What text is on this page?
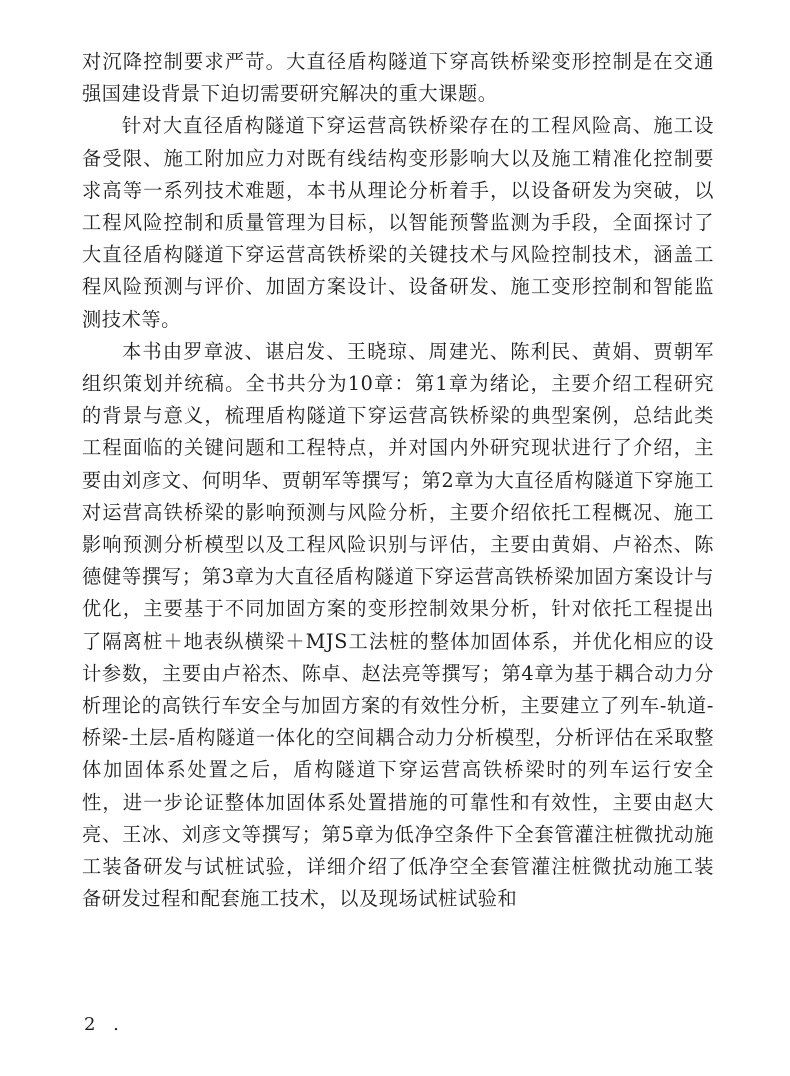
对沉降控制要求严苛。大直径盾构隧道下穿高铁桥梁变形控制是在交通强国建设背景下迫切需要研究解决的重大课题。

针对大直径盾构隧道下穿运营高铁桥梁存在的工程风险高、施工设备受限、施工附加应力对既有线结构变形影响大以及施工精准化控制要求高等一系列技术难题，本书从理论分析着手，以设备研发为突破，以工程风险控制和质量管理为目标，以智能预警监测为手段，全面探讨了大直径盾构隧道下穿运营高铁桥梁的关键技术与风险控制技术，涵盖工程风险预测与评价、加固方案设计、设备研发、施工变形控制和智能监测技术等。

本书由罗章波、谌启发、王晓琼、周建光、陈利民、黄娟、贾朝军组织策划并统稿。全书共分为10章：第1章为绪论，主要介绍工程研究的背景与意义，梳理盾构隧道下穿运营高铁桥梁的典型案例，总结此类工程面临的关键问题和工程特点，并对国内外研究现状进行了介绍，主要由刘彦文、何明华、贾朝军等撰写；第2章为大直径盾构隧道下穿施工对运营高铁桥梁的影响预测与风险分析，主要介绍依托工程概况、施工影响预测分析模型以及工程风险识别与评估，主要由黄娟、卢裕杰、陈德健等撰写；第3章为大直径盾构隧道下穿运营高铁桥梁加固方案设计与优化，主要基于不同加固方案的变形控制效果分析，针对依托工程提出了隔离桩＋地表纵横梁＋MJS工法桩的整体加固体系，并优化相应的设计参数，主要由卢裕杰、陈卓、赵法亮等撰写；第4章为基于耦合动力分析理论的高铁行车安全与加固方案的有效性分析，主要建立了列车-轨道-桥梁-土层-盾构隧道一体化的空间耦合动力分析模型，分析评估在采取整体加固体系处置之后，盾构隧道下穿运营高铁桥梁时的列车运行安全性，进一步论证整体加固体系处置措施的可靠性和有效性，主要由赵大亮、王冰、刘彦文等撰写；第5章为低净空条件下全套管灌注桩微扰动施工装备研发与试桩试验，详细介绍了低净空全套管灌注桩微扰动施工装备研发过程和配套施工技术，以及现场试桩试验和

2 .
